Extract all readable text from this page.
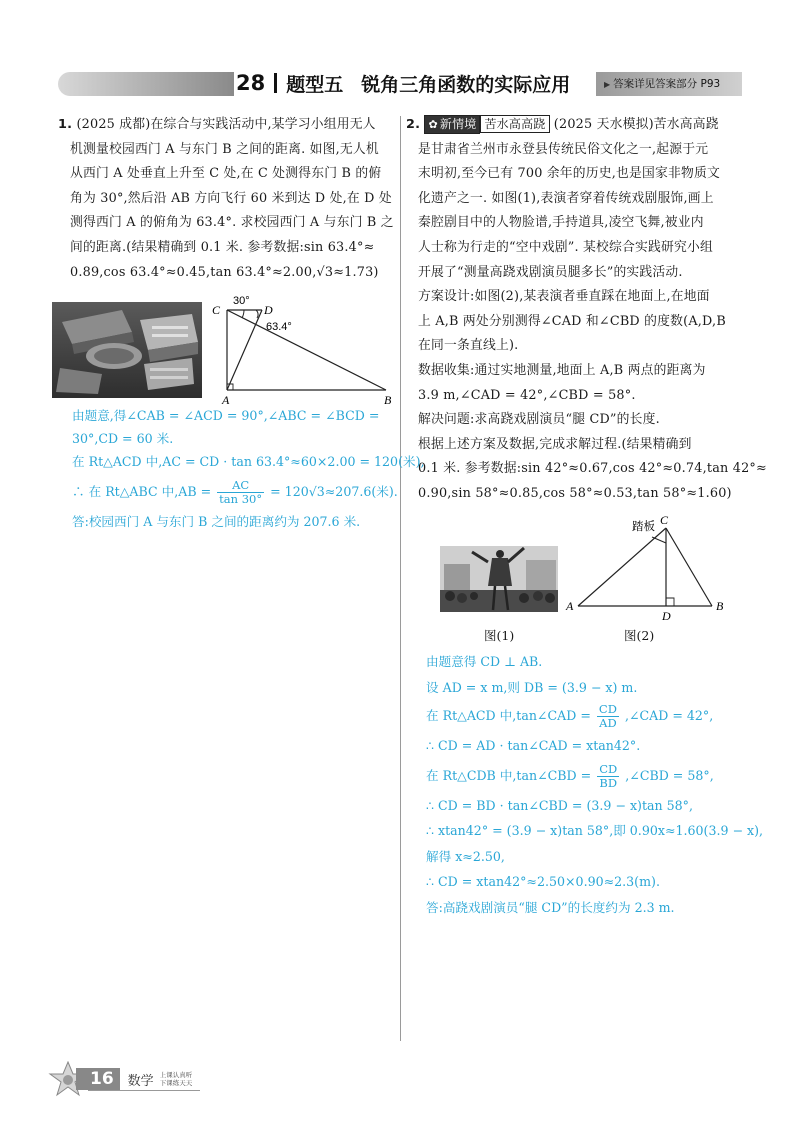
28 题型五 锐角三角函数的实际应用	▶ 答案详见答案部分 P93

1. (2025 成都)在综合与实践活动中,某学习小组用无人

机测量校园西门 A 与东门 B 之间的距离. 如图,无人机

从西门 A 处垂直上升至 C 处,在 C 处测得东门 B 的俯

角为 30°,然后沿 AB 方向飞行 60 米到达 D 处,在 D 处

测得西门 A 的俯角为 63.4°. 求校园西门 A 与东门 B 之

间的距离.(结果精确到 0.1 米. 参考数据:sin 63.4°≈

0.89,cos 63.4°≈0.45,tan 63.4°≈2.00,√3≈1.73)

C	D
A	B
30°
63.4°

由题意,得∠CAB = ∠ACD = 90°,∠ABC = ∠BCD =

30°,CD = 60 米.

在 Rt△ACD 中,AC = CD · tan 63.4°≈60×2.00 = 120(米),

∴ 在 Rt△ABC 中$,AB = \frac{AC}{\tan 30^\circ} = 120√3\approx 207.6$(米).

答:校园西门 A 与东门 B 之间的距离约为 207.6 米.

2. ✿ 新情境 苦水高高跷 (2025 天水模拟)苦水高高跷

是甘肃省兰州市永登县传统民俗文化之一,起源于元

末明初,至今已有 700 余年的历史,也是国家非物质文

化遗产之一. 如图(1),表演者穿着传统戏剧服饰,画上

秦腔剧目中的人物脸谱,手持道具,凌空飞舞,被业内

人士称为行走的“空中戏剧”. 某校综合实践研究小组

开展了“测量高跷戏剧演员腿多长”的实践活动.

方案设计:如图(2),某表演者垂直踩在地面上,在地面

上 A,B 两处分别测得∠CAD 和∠CBD 的度数(A,D,B

在同一条直线上).

数据收集:通过实地测量,地面上 A,B 两点的距离为

3.9 m,∠CAD = 42°,∠CBD = 58°.

解决问题:求高跷戏剧演员“腿 CD”的长度.

根据上述方案及数据,完成求解过程.(结果精确到

0.1 米. 参考数据:sin 42°≈0.67,cos 42°≈0.74,tan 42°≈

0.90,sin 58°≈0.85,cos 58°≈0.53,tan 58°≈1.60)

踏板 C
A
D
B
图(1)	图(2)

由题意得 CD ⊥ AB.

设 AD = x m,则 DB = (3.9 − x) m.

在 Rt△ACD 中,tan∠CAD = $\frac{CD}{AD}$ ,∠CAD = 42°,

∴ CD = AD · tan∠CAD = xtan42°.

在 Rt△CDB 中,tan∠CBD = $\frac{CD}{BD}$ ,∠CBD = 58°,

∴ CD = BD · tan∠CBD = (3.9 − x)tan 58°,

∴ xtan42° = (3.9 − x)tan 58°,即 0.90x≈1.60(3.9 − x),

解得 x≈2.50,

∴ CD = xtan42°≈2.50×0.90≈2.3(m).

答:高跷戏剧演员“腿 CD”的长度约为 2.3 m.

16	数学 上课认真听
下课练天天
